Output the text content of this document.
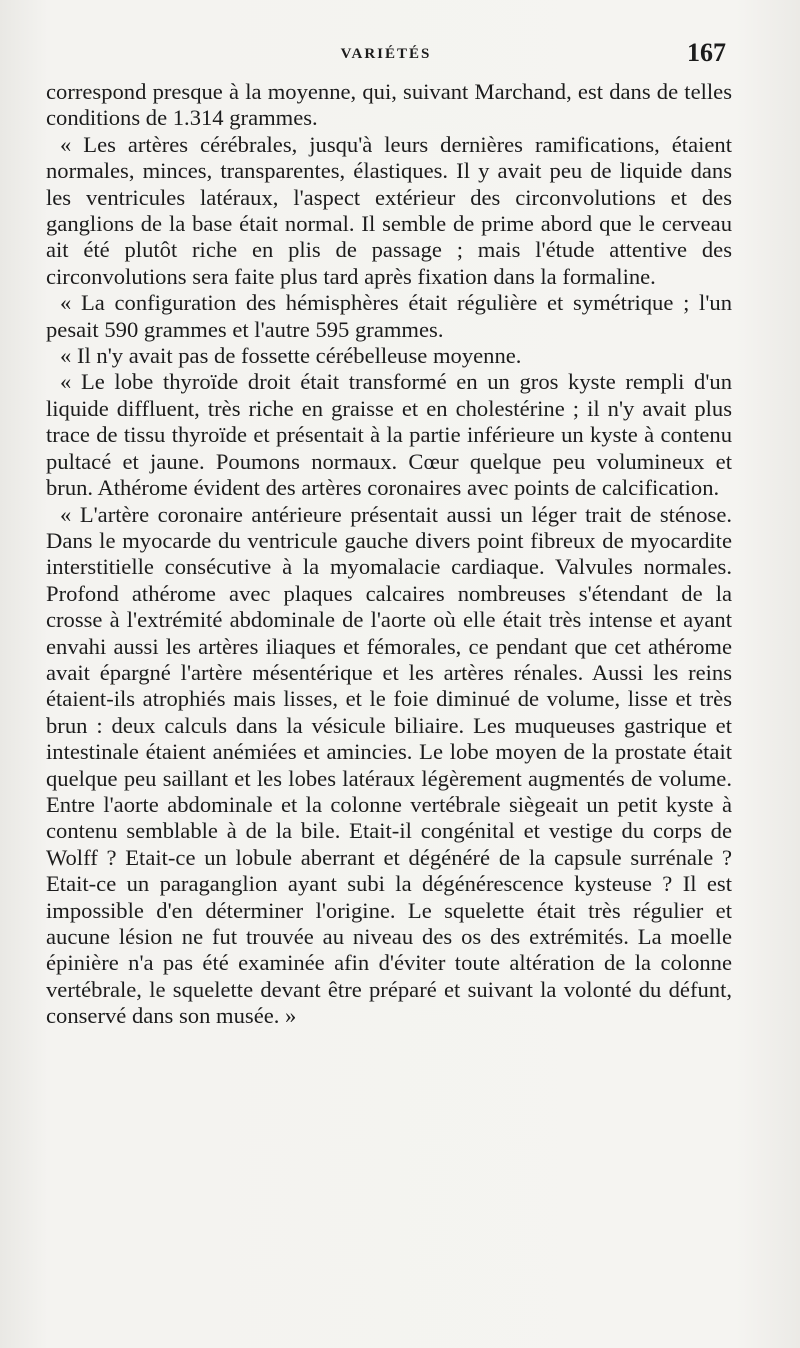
VARIÉTÉS	167

correspond presque à la moyenne, qui, suivant Marchand, est dans de telles conditions de 1.314 grammes.

« Les artères cérébrales, jusqu'à leurs dernières ramifications, étaient normales, minces, transparentes, élastiques. Il y avait peu de liquide dans les ventricules latéraux, l'aspect extérieur des circonvolutions et des ganglions de la base était normal. Il semble de prime abord que le cerveau ait été plutôt riche en plis de passage ; mais l'étude attentive des circonvolutions sera faite plus tard après fixation dans la formaline.

« La configuration des hémisphères était régulière et symétrique ; l'un pesait 590 grammes et l'autre 595 grammes.

« Il n'y avait pas de fossette cérébelleuse moyenne.

« Le lobe thyroïde droit était transformé en un gros kyste rempli d'un liquide diffluent, très riche en graisse et en cholestérine ; il n'y avait plus trace de tissu thyroïde et présentait à la partie inférieure un kyste à contenu pultacé et jaune. Poumons normaux. Cœur quelque peu volumineux et brun. Athérome évident des artères coronaires avec points de calcification.

« L'artère coronaire antérieure présentait aussi un léger trait de sténose. Dans le myocarde du ventricule gauche divers point fibreux de myocardite interstitielle consécutive à la myomalacie cardiaque. Valvules normales. Profond athérome avec plaques calcaires nombreuses s'étendant de la crosse à l'extrémité abdominale de l'aorte où elle était très intense et ayant envahi aussi les artères iliaques et fémorales, ce pendant que cet athérome avait épargné l'artère mésentérique et les artères rénales. Aussi les reins étaient-ils atrophiés mais lisses, et le foie diminué de volume, lisse et très brun : deux calculs dans la vésicule biliaire. Les muqueuses gastrique et intestinale étaient anémiées et amincies. Le lobe moyen de la prostate était quelque peu saillant et les lobes latéraux légèrement augmentés de volume. Entre l'aorte abdominale et la colonne vertébrale siègeait un petit kyste à contenu semblable à de la bile. Etait-il congénital et vestige du corps de Wolff ? Etait-ce un lobule aberrant et dégénéré de la capsule surrénale ? Etait-ce un paraganglion ayant subi la dégénérescence kysteuse ? Il est impossible d'en déterminer l'origine. Le squelette était très régulier et aucune lésion ne fut trouvée au niveau des os des extrémités. La moelle épinière n'a pas été examinée afin d'éviter toute altération de la colonne vertébrale, le squelette devant être préparé et suivant la volonté du défunt, conservé dans son musée. »
